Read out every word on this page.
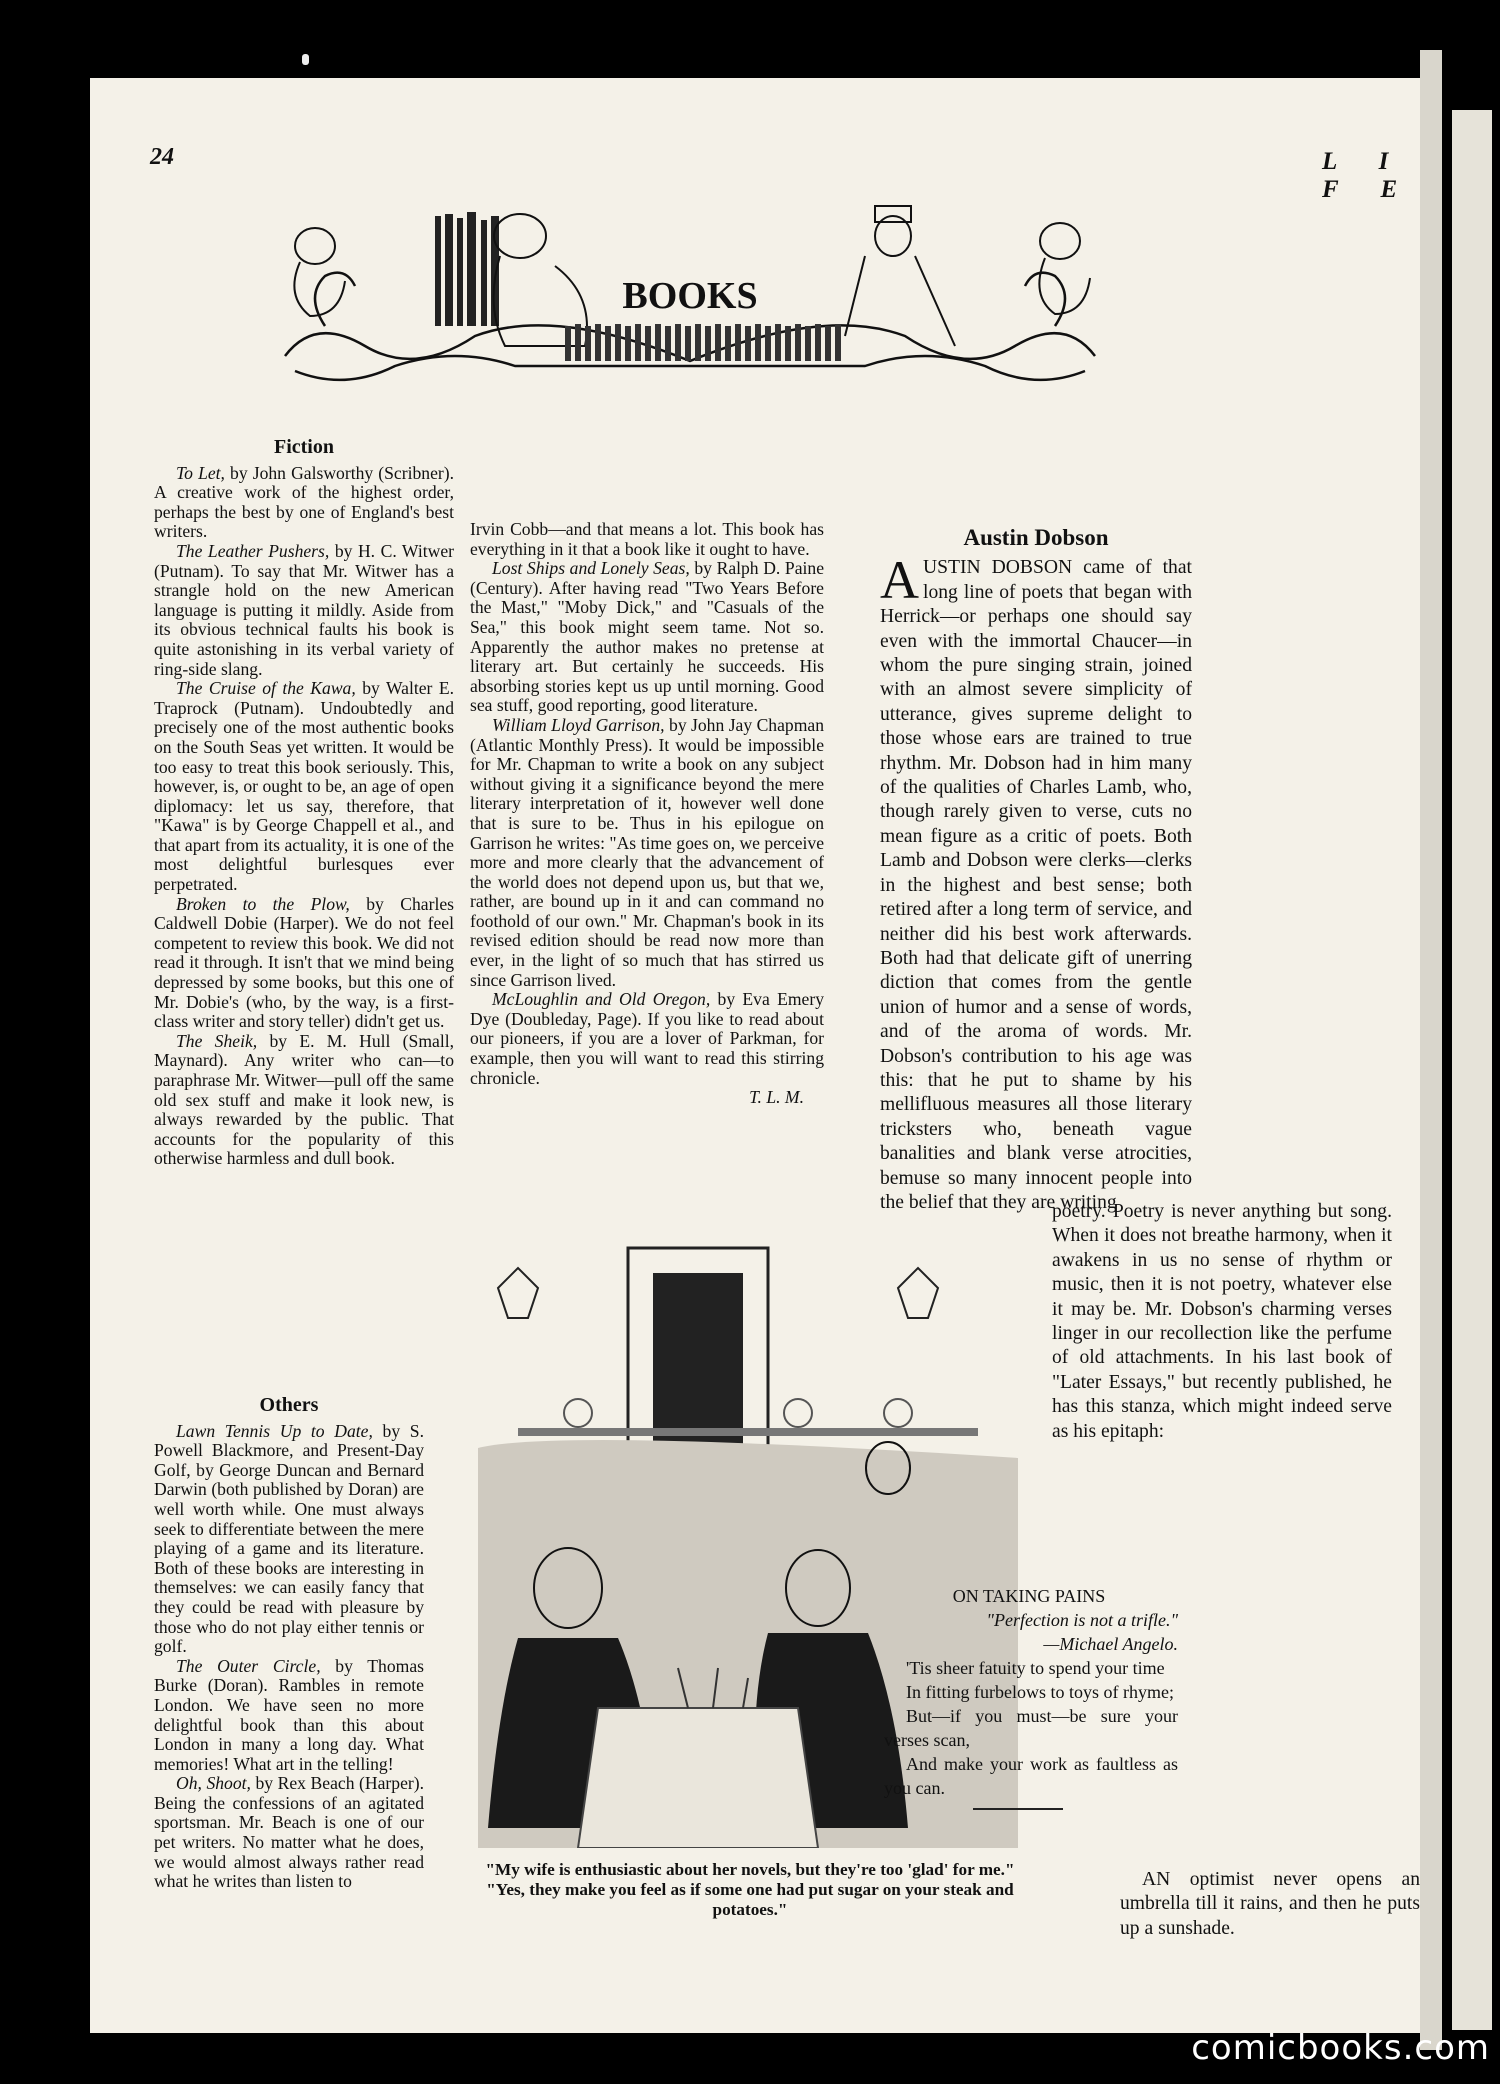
24	L I F E
BOOKS
Fiction

To Let, by John Galsworthy (Scribner). A creative work of the highest order, perhaps the best by one of England's best writers.

The Leather Pushers, by H. C. Witwer (Putnam). To say that Mr. Witwer has a strangle hold on the new American language is putting it mildly. Aside from its obvious technical faults his book is quite astonishing in its verbal variety of ring-side slang.

The Cruise of the Kawa, by Walter E. Traprock (Putnam). Undoubtedly and precisely one of the most authentic books on the South Seas yet written. It would be too easy to treat this book seriously. This, however, is, or ought to be, an age of open diplomacy: let us say, therefore, that "Kawa" is by George Chappell et al., and that apart from its actuality, it is one of the most delightful burlesques ever perpetrated.

Broken to the Plow, by Charles Caldwell Dobie (Harper). We do not feel competent to review this book. We did not read it through. It isn't that we mind being depressed by some books, but this one of Mr. Dobie's (who, by the way, is a first-class writer and story teller) didn't get us.

The Sheik, by E. M. Hull (Small, Maynard). Any writer who can—to paraphrase Mr. Witwer—pull off the same old sex stuff and make it look new, is always rewarded by the public. That accounts for the popularity of this otherwise harmless and dull book.

Others

Lawn Tennis Up to Date, by S. Powell Blackmore, and Present-Day Golf, by George Duncan and Bernard Darwin (both published by Doran) are well worth while. One must always seek to differentiate between the mere playing of a game and its literature. Both of these books are interesting in themselves: we can easily fancy that they could be read with pleasure by those who do not play either tennis or golf.

The Outer Circle, by Thomas Burke (Doran). Rambles in remote London. We have seen no more delightful book than this about London in many a long day. What memories! What art in the telling!

Oh, Shoot, by Rex Beach (Harper). Being the confessions of an agitated sportsman. Mr. Beach is one of our pet writers. No matter what he does, we would almost always rather read what he writes than listen to

Irvin Cobb—and that means a lot. This book has everything in it that a book like it ought to have.

Lost Ships and Lonely Seas, by Ralph D. Paine (Century). After having read "Two Years Before the Mast," "Moby Dick," and "Casuals of the Sea," this book might seem tame. Not so. Apparently the author makes no pretense at literary art. But certainly he succeeds. His absorbing stories kept us up until morning. Good sea stuff, good reporting, good literature.

William Lloyd Garrison, by John Jay Chapman (Atlantic Monthly Press). It would be impossible for Mr. Chapman to write a book on any subject without giving it a significance beyond the mere literary interpretation of it, however well done that is sure to be. Thus in his epilogue on Garrison he writes: "As time goes on, we perceive more and more clearly that the advancement of the world does not depend upon us, but that we, rather, are bound up in it and can command no foothold of our own." Mr. Chapman's book in its revised edition should be read now more than ever, in the light of so much that has stirred us since Garrison lived.

McLoughlin and Old Oregon, by Eva Emery Dye (Doubleday, Page). If you like to read about our pioneers, if you are a lover of Parkman, for example, then you will want to read this stirring chronicle.

T. L. M.

"My wife is enthusiastic about her novels, but they're too 'glad' for me."
"Yes, they make you feel as if some one had put sugar on your steak and potatoes."
Austin Dobson

AUSTIN DOBSON came of that long line of poets that began with Herrick—or perhaps one should say even with the immortal Chaucer—in whom the pure singing strain, joined with an almost severe simplicity of utterance, gives supreme delight to those whose ears are trained to true rhythm. Mr. Dobson had in him many of the qualities of Charles Lamb, who, though rarely given to verse, cuts no mean figure as a critic of poets. Both Lamb and Dobson were clerks—clerks in the highest and best sense; both retired after a long term of service, and neither did his best work afterwards. Both had that delicate gift of unerring diction that comes from the gentle union of humor and a sense of words, and of the aroma of words. Mr. Dobson's contribution to his age was this: that he put to shame by his mellifluous measures all those literary tricksters who, beneath vague banalities and blank verse atrocities, bemuse so many innocent people into the belief that they are writing

poetry. Poetry is never anything but song. When it does not breathe harmony, when it awakens in us no sense of rhythm or music, then it is not poetry, whatever else it may be. Mr. Dobson's charming verses linger in our recollection like the perfume of old attachments. In his last book of "Later Essays," but recently published, he has this stanza, which might indeed serve as his epitaph:

ON TAKING PAINS

"Perfection is not a trifle."

—Michael Angelo.

'Tis sheer fatuity to spend your time

In fitting furbelows to toys of rhyme;

But—if you must—be sure your verses scan,

And make your work as faultless as you can.

AN optimist never opens an umbrella till it rains, and then he puts up a sunshade.

comicbooks.com
